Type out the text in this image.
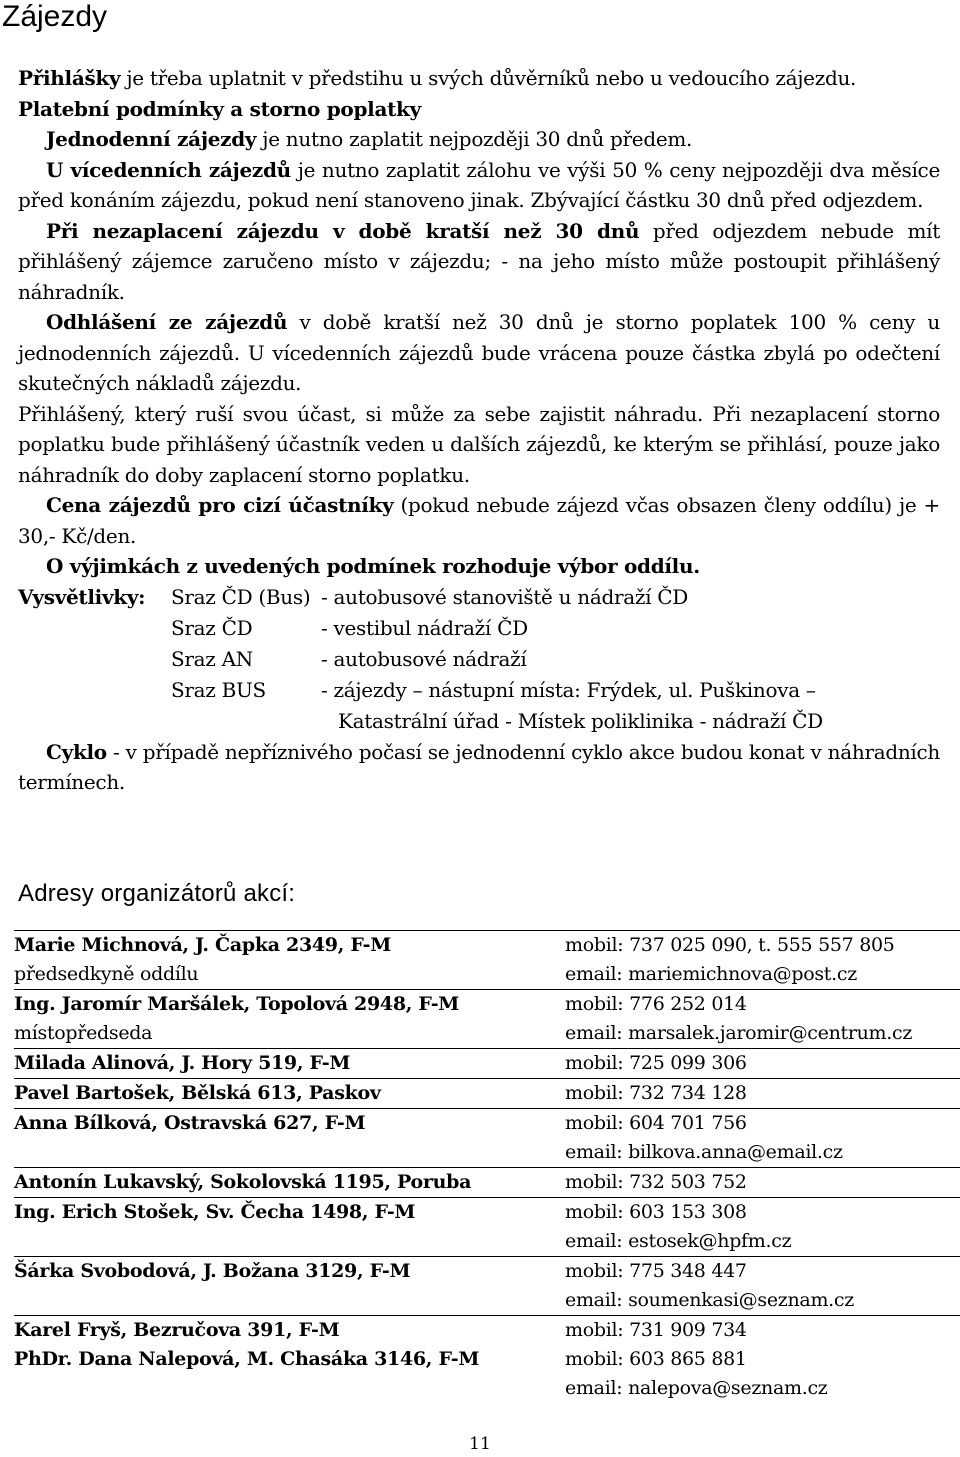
Zájezdy

Přihlášky je třeba uplatnit v předstihu u svých důvěrníků nebo u vedoucího zájezdu.

Platební podmínky a storno poplatky

Jednodenní zájezdy je nutno zaplatit nejpozději 30 dnů předem.

U vícedenních zájezdů je nutno zaplatit zálohu ve výši 50 % ceny nejpozději dva měsíce před konáním zájezdu, pokud není stanoveno jinak. Zbývající částku 30 dnů před odjezdem.

Při nezaplacení zájezdu v době kratší než 30 dnů před odjezdem nebude mít přihlášený zájemce zaručeno místo v zájezdu; - na jeho místo může postoupit přihlášený náhradník.

Odhlášení ze zájezdů v době kratší než 30 dnů je storno poplatek 100 % ceny u jednodenních zájezdů. U vícedenních zájezdů bude vrácena pouze částka zbylá po odečtení skutečných nákladů zájezdu.

Přihlášený, který ruší svou účast, si může za sebe zajistit náhradu. Při nezaplacení storno poplatku bude přihlášený účastník veden u dalších zájezdů, ke kterým se přihlásí, pouze jako náhradník do doby zaplacení storno poplatku.

Cena zájezdů pro cizí účastníky (pokud nebude zájezd včas obsazen členy oddílu) je + 30,- Kč/den.

O výjimkách z uvedených podmínek rozhoduje výbor oddílu.

Vysvětlivky:	Sraz ČD (Bus) - autobusové stanoviště u nádraží ČD
Sraz ČD	- vestibul nádraží ČD
Sraz AN	- autobusové nádraží
Sraz BUS	- zájezdy – nástupní místa: Frýdek, ul. Puškinova –
Katastrální úřad - Místek poliklinika - nádraží ČD

Cyklo - v případě nepříznivého počasí se jednodenní cyklo akce budou konat v náhradních termínech.

Adresy organizátorů akcí:
Marie Michnová, J. Čapka 2349, F-M	mobil: 737 025 090, t. 555 557 805
předsedkyně oddílu	email: mariemichnova@post.cz
Ing. Jaromír Maršálek, Topolová 2948, F-M	mobil: 776 252 014
místopředseda	email: marsalek.jaromir@centrum.cz
Milada Alinová, J. Hory 519, F-M	mobil: 725 099 306
Pavel Bartošek, Bělská 613, Paskov	mobil: 732 734 128
Anna Bílková, Ostravská 627, F-M	mobil: 604 701 756
	email: bilkova.anna@email.cz
Antonín Lukavský, Sokolovská 1195, Poruba	mobil: 732 503 752
Ing. Erich Stošek, Sv. Čecha 1498, F-M	mobil: 603 153 308
	email: estosek@hpfm.cz
Šárka Svobodová, J. Božana 3129, F-M	mobil: 775 348 447
	email: soumenkasi@seznam.cz
Karel Fryš, Bezručova 391, F-M	mobil: 731 909 734
PhDr. Dana Nalepová, M. Chasáka 3146, F-M	mobil: 603 865 881
	email: nalepova@seznam.cz
11
